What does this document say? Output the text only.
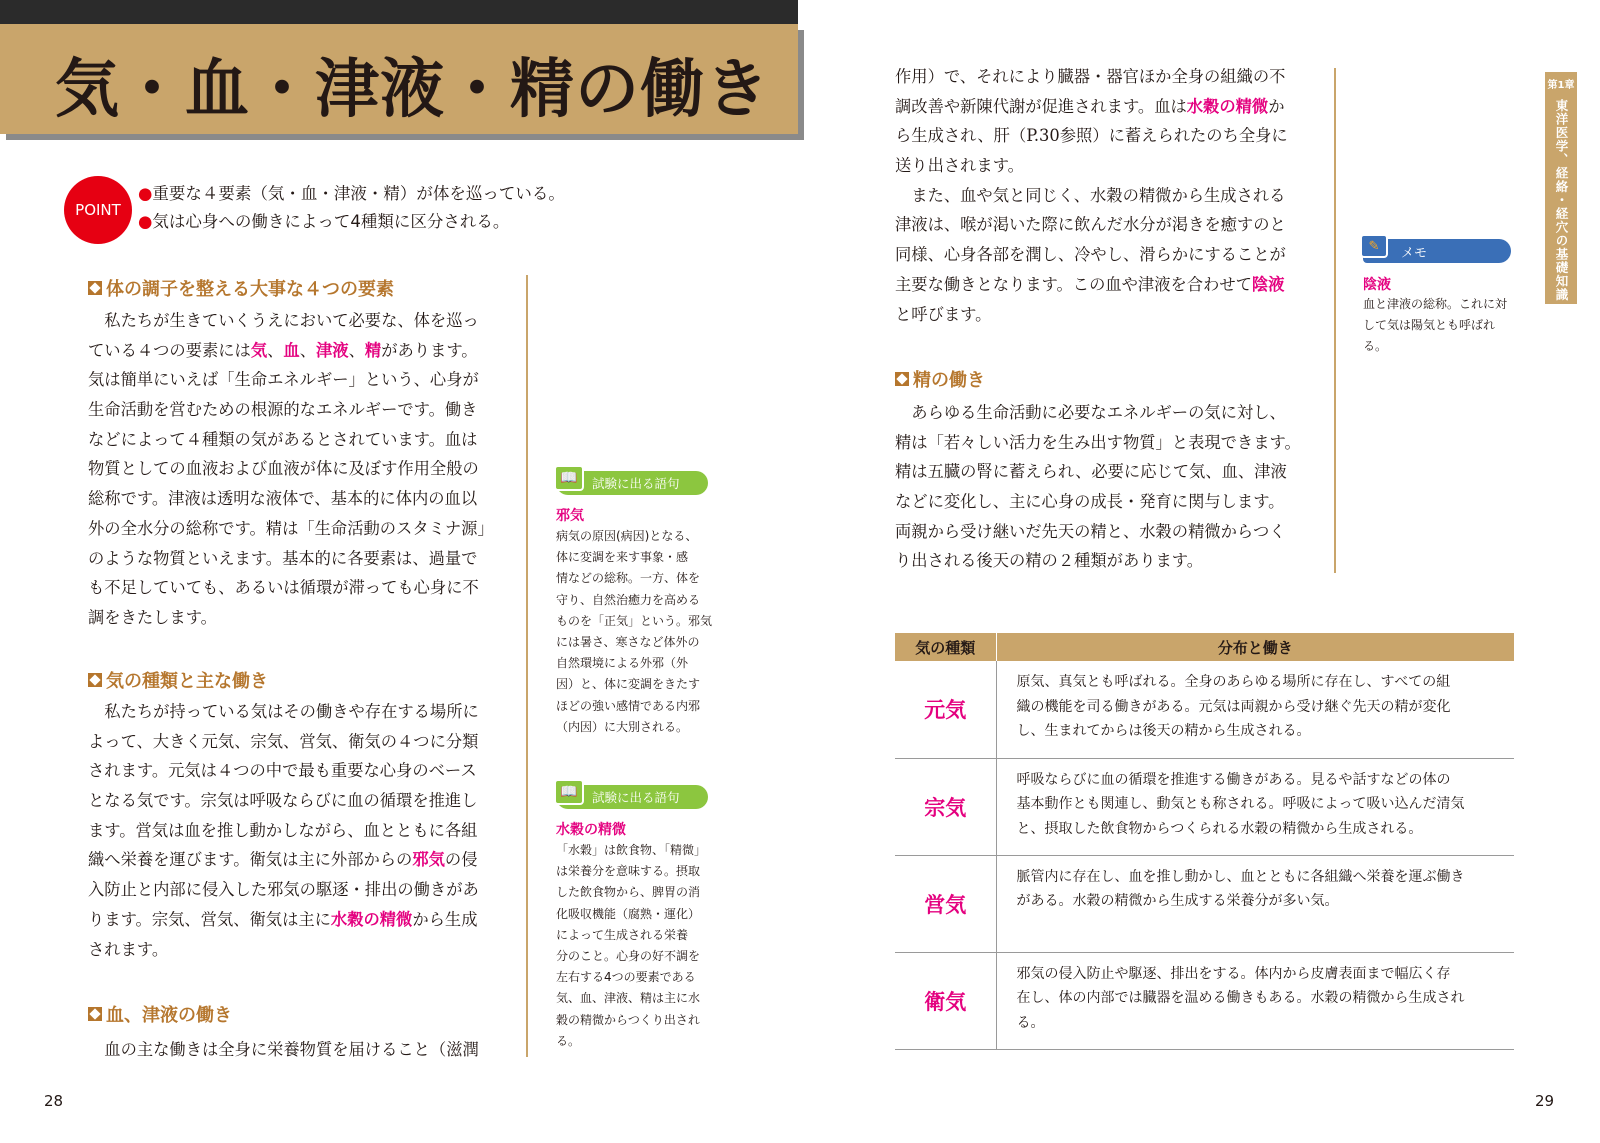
気・血・津液・精の働き
POINT
●重要な４要素（気・血・津液・精）が体を巡っている。
●気は心身への働きによって4種類に区分される。
体の調子を整える大事な４つの要素

　私たちが生きていくうえにおいて必要な、体を巡っ

ている４つの要素には気、血、津液、精があります。

気は簡単にいえば「生命エネルギー」という、心身が

生命活動を営むための根源的なエネルギーです。働き

などによって４種類の気があるとされています。血は

物質としての血液および血液が体に及ぼす作用全般の

総称です。津液は透明な液体で、基本的に体内の血以

外の全水分の総称です。精は「生命活動のスタミナ源」

のような物質といえます。基本的に各要素は、過量で

も不足していても、あるいは循環が滞っても心身に不

調をきたします。

気の種類と主な働き

　私たちが持っている気はその働きや存在する場所に

よって、大きく元気、宗気、営気、衛気の４つに分類

されます。元気は４つの中で最も重要な心身のベース

となる気です。宗気は呼吸ならびに血の循環を推進し

ます。営気は血を推し動かしながら、血とともに各組

織へ栄養を運びます。衛気は主に外部からの邪気の侵

入防止と内部に侵入した邪気の駆逐・排出の働きがあ

ります。宗気、営気、衛気は主に水穀の精微から生成

されます。

血、津液の働き

　血の主な働きは全身に栄養物質を届けること（滋潤

試験に出る語句
📖
邪気

病気の原因(病因)となる、

体に変調を来す事象・感

情などの総称。一方、体を

守り、自然治癒力を高める

ものを「正気」という。邪気

には暑さ、寒さなど体外の

自然環境による外邪（外

因）と、体に変調をきたす

ほどの強い感情である内邪

（内因）に大別される。

試験に出る語句
📖
水穀の精微

「水穀」は飲食物、「精微」

は栄養分を意味する。摂取

した飲食物から、脾胃の消

化吸収機能（腐熟・運化）

によって生成される栄養

分のこと。心身の好不調を

左右する4つの要素である

気、血、津液、精は主に水

穀の精微からつくり出され

る。

作用）で、それにより臓器・器官ほか全身の組織の不

調改善や新陳代謝が促進されます。血は水穀の精微か

ら生成され、肝（P.30参照）に蓄えられたのち全身に

送り出されます。

　また、血や気と同じく、水穀の精微から生成される

津液は、喉が渇いた際に飲んだ水分が渇きを癒すのと

同様、心身各部を潤し、冷やし、滑らかにすることが

主要な働きとなります。この血や津液を合わせて陰液

と呼びます。

精の働き

　あらゆる生命活動に必要なエネルギーの気に対し、

精は「若々しい活力を生み出す物質」と表現できます。

精は五臓の腎に蓄えられ、必要に応じて気、血、津液

などに変化し、主に心身の成長・発育に関与します。

両親から受け継いだ先天の精と、水穀の精微からつく

り出される後天の精の２種類があります。

メモ
✎
陰液

血と津液の総称。これに対

して気は陽気とも呼ばれ

る。

気の種類	分布と働き
元気	原気、真気とも呼ばれる。全身のあらゆる場所に存在し、すべての組

織の機能を司る働きがある。元気は両親から受け継ぐ先天の精が変化

し、生まれてからは後天の精から生成される。

宗気	呼吸ならびに血の循環を推進する働きがある。見るや話すなどの体の

基本動作とも関連し、動気とも称される。呼吸によって吸い込んだ清気

と、摂取した飲食物からつくられる水穀の精微から生成される。

営気	脈管内に存在し、血を推し動かし、血とともに各組織へ栄養を運ぶ働き

がある。水穀の精微から生成する栄養分が多い気。

衛気	邪気の侵入防止や駆逐、排出をする。体内から皮膚表面まで幅広く存

在し、体の内部では臓器を温める働きもある。水穀の精微から生成され

る。

第1章
東洋医学、経絡・経穴の基礎知識
28	29
